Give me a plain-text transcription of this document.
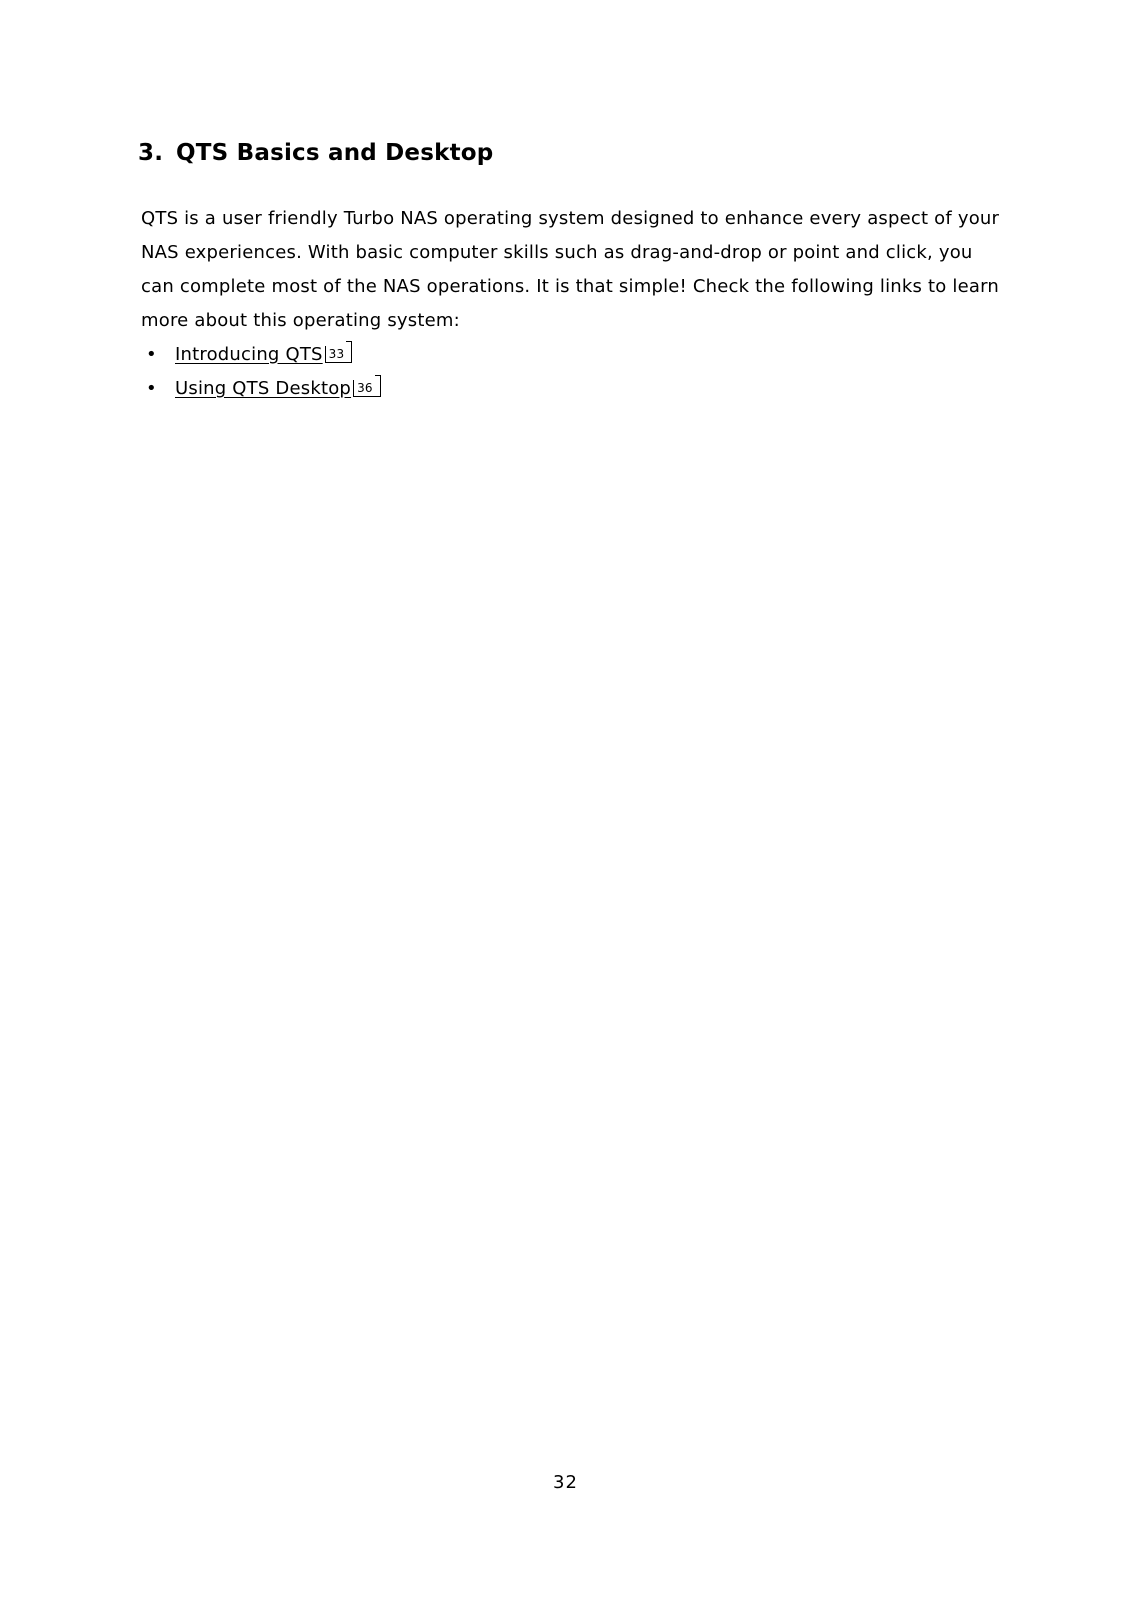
3. QTS Basics and Desktop
QTS is a user friendly Turbo NAS operating system designed to enhance every aspect of your NAS experiences. With basic computer skills such as drag-and-drop or point and click, you can complete most of the NAS operations. It is that simple! Check the following links to learn more about this operating system:
• Introducing QTS 33
• Using QTS Desktop 36
32
